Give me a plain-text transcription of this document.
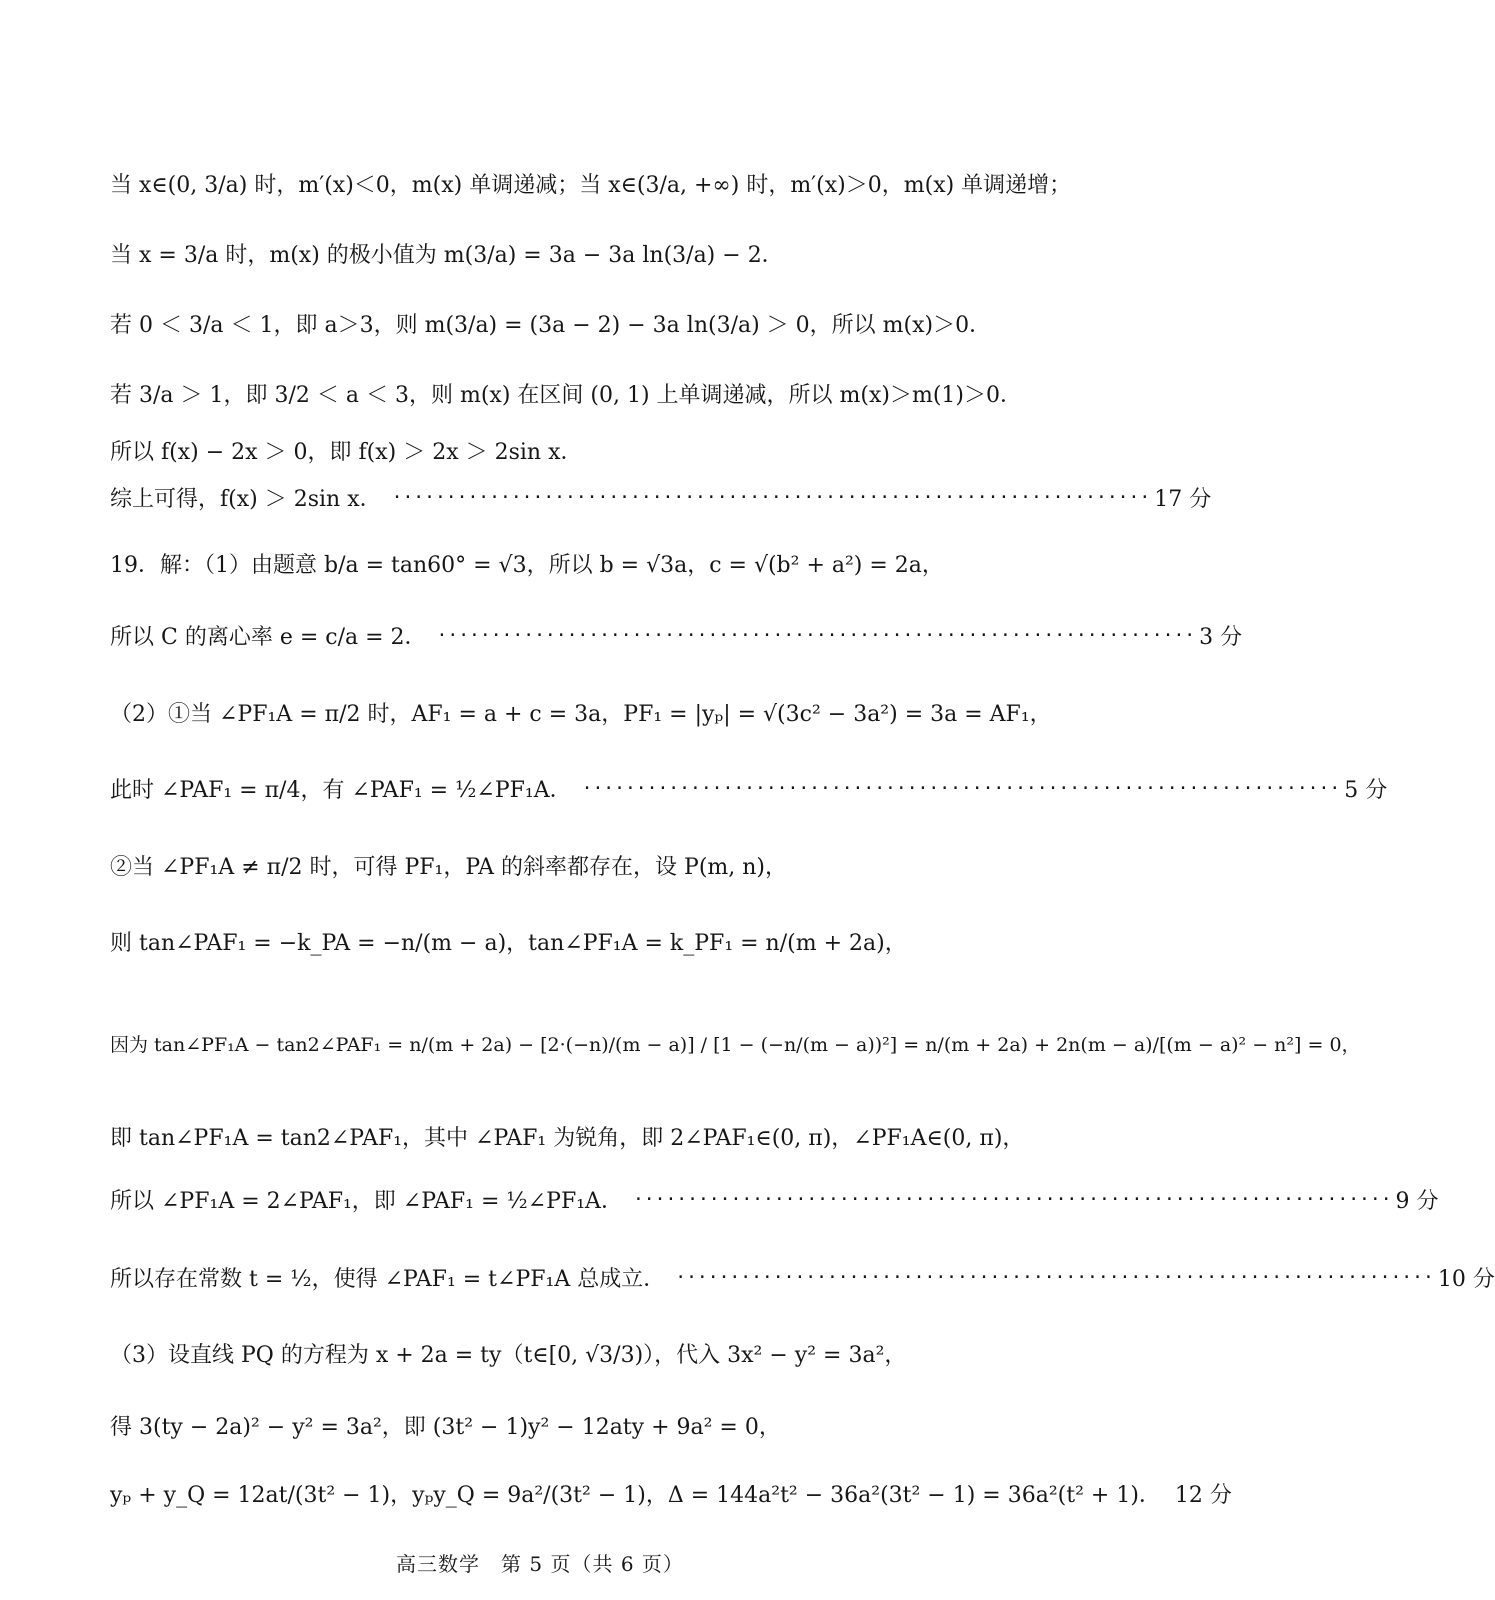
当 x∈(0, 3/a) 时，m′(x)＜0，m(x) 单调递减；当 x∈(3/a, +∞) 时，m′(x)＞0，m(x) 单调递增；
当 x = 3/a 时，m(x) 的极小值为 m(3/a) = 3a − 3a ln(3/a) − 2．
若 0 ＜ 3/a ＜ 1，即 a＞3，则 m(3/a) = (3a − 2) − 3a ln(3/a) ＞ 0，所以 m(x)＞0．
若 3/a ＞ 1，即 3/2 ＜ a ＜ 3，则 m(x) 在区间 (0, 1) 上单调递减，所以 m(x)＞m(1)＞0．
所以 f(x) − 2x ＞ 0，即 f(x) ＞ 2x ＞ 2sin x．
综上可得，f(x) ＞ 2sin x． ······································································ 17 分
19．解：（1）由题意 b/a = tan60° = √3，所以 b = √3a，c = √(b² + a²) = 2a，
所以 C 的离心率 e = c/a = 2． ······································································ 3 分
（2）①当 ∠PF₁A = π/2 时，AF₁ = a + c = 3a，PF₁ = |yₚ| = √(3c² − 3a²) = 3a = AF₁，
此时 ∠PAF₁ = π/4，有 ∠PAF₁ = ½∠PF₁A． ······································································ 5 分
②当 ∠PF₁A ≠ π/2 时，可得 PF₁，PA 的斜率都存在，设 P(m, n)，
则 tan∠PAF₁ = −k_PA = −n/(m − a)，tan∠PF₁A = k_PF₁ = n/(m + 2a)，
因为 tan∠PF₁A − tan2∠PAF₁ = n/(m + 2a) − [2·(−n)/(m − a)] / [1 − (−n/(m − a))²] = n/(m + 2a) + 2n(m − a)/[(m − a)² − n²] = 0，
即 tan∠PF₁A = tan2∠PAF₁，其中 ∠PAF₁ 为锐角，即 2∠PAF₁∈(0, π)，∠PF₁A∈(0, π)，
所以 ∠PF₁A = 2∠PAF₁，即 ∠PAF₁ = ½∠PF₁A． ······································································ 9 分
所以存在常数 t = ½，使得 ∠PAF₁ = t∠PF₁A 总成立． ······································································ 10 分
（3）设直线 PQ 的方程为 x + 2a = ty（t∈[0, √3/3)），代入 3x² − y² = 3a²，
得 3(ty − 2a)² − y² = 3a²，即 (3t² − 1)y² − 12aty + 9a² = 0，
yₚ + y_Q = 12at/(3t² − 1)，yₚy_Q = 9a²/(3t² − 1)，Δ = 144a²t² − 36a²(3t² − 1) = 36a²(t² + 1)． 12 分
高三数学　第 5 页（共 6 页）
